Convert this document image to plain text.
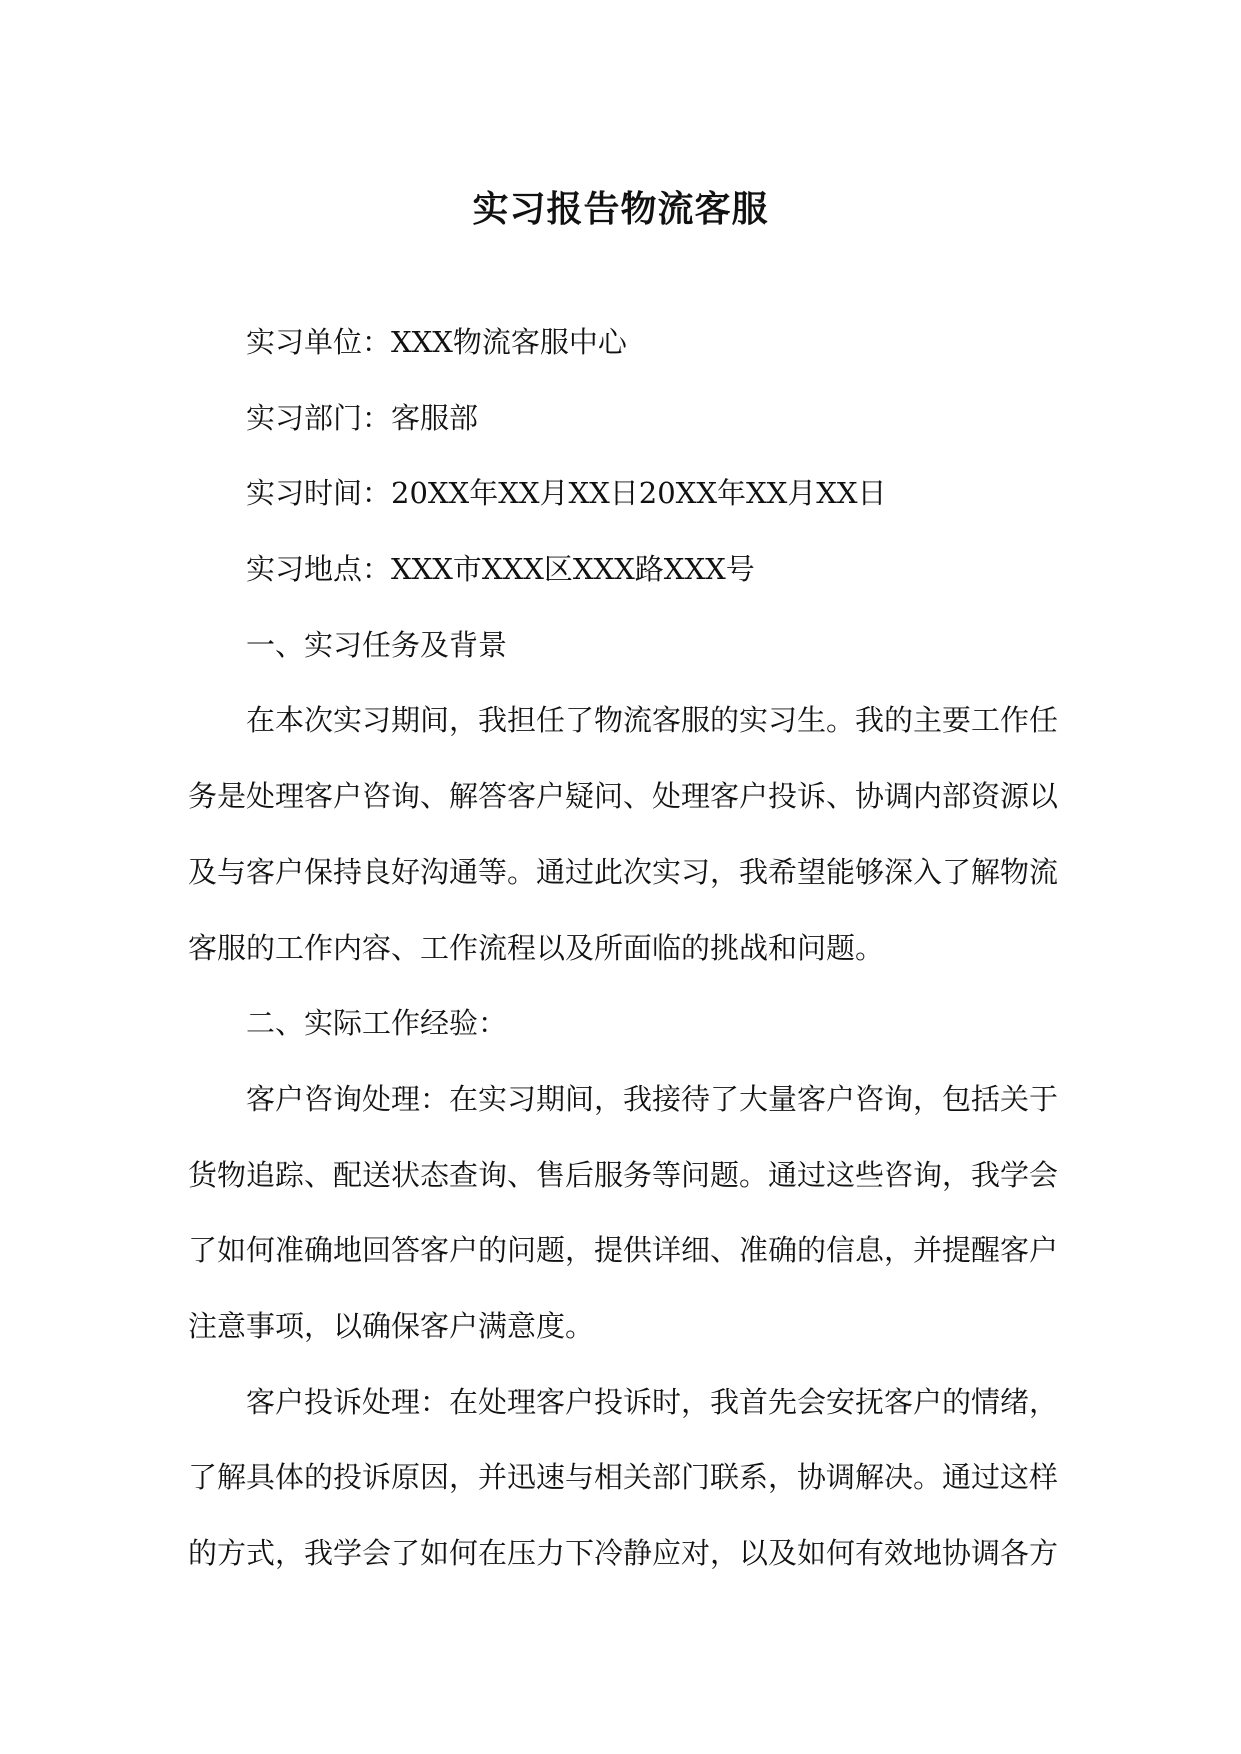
实习报告物流客服
实习单位：XXX物流客服中心
实习部门：客服部
实习时间：20XX年XX月XX日20XX年XX月XX日
实习地点：XXX市XXX区XXX路XXX号
一、实习任务及背景
在本次实习期间，我担任了物流客服的实习生。我的主要工作任
务是处理客户咨询、解答客户疑问、处理客户投诉、协调内部资源以
及与客户保持良好沟通等。通过此次实习，我希望能够深入了解物流
客服的工作内容、工作流程以及所面临的挑战和问题。
二、实际工作经验：
客户咨询处理：在实习期间，我接待了大量客户咨询，包括关于
货物追踪、配送状态查询、售后服务等问题。通过这些咨询，我学会
了如何准确地回答客户的问题，提供详细、准确的信息，并提醒客户
注意事项，以确保客户满意度。
客户投诉处理：在处理客户投诉时，我首先会安抚客户的情绪，
了解具体的投诉原因，并迅速与相关部门联系，协调解决。通过这样
的方式，我学会了如何在压力下冷静应对，以及如何有效地协调各方
